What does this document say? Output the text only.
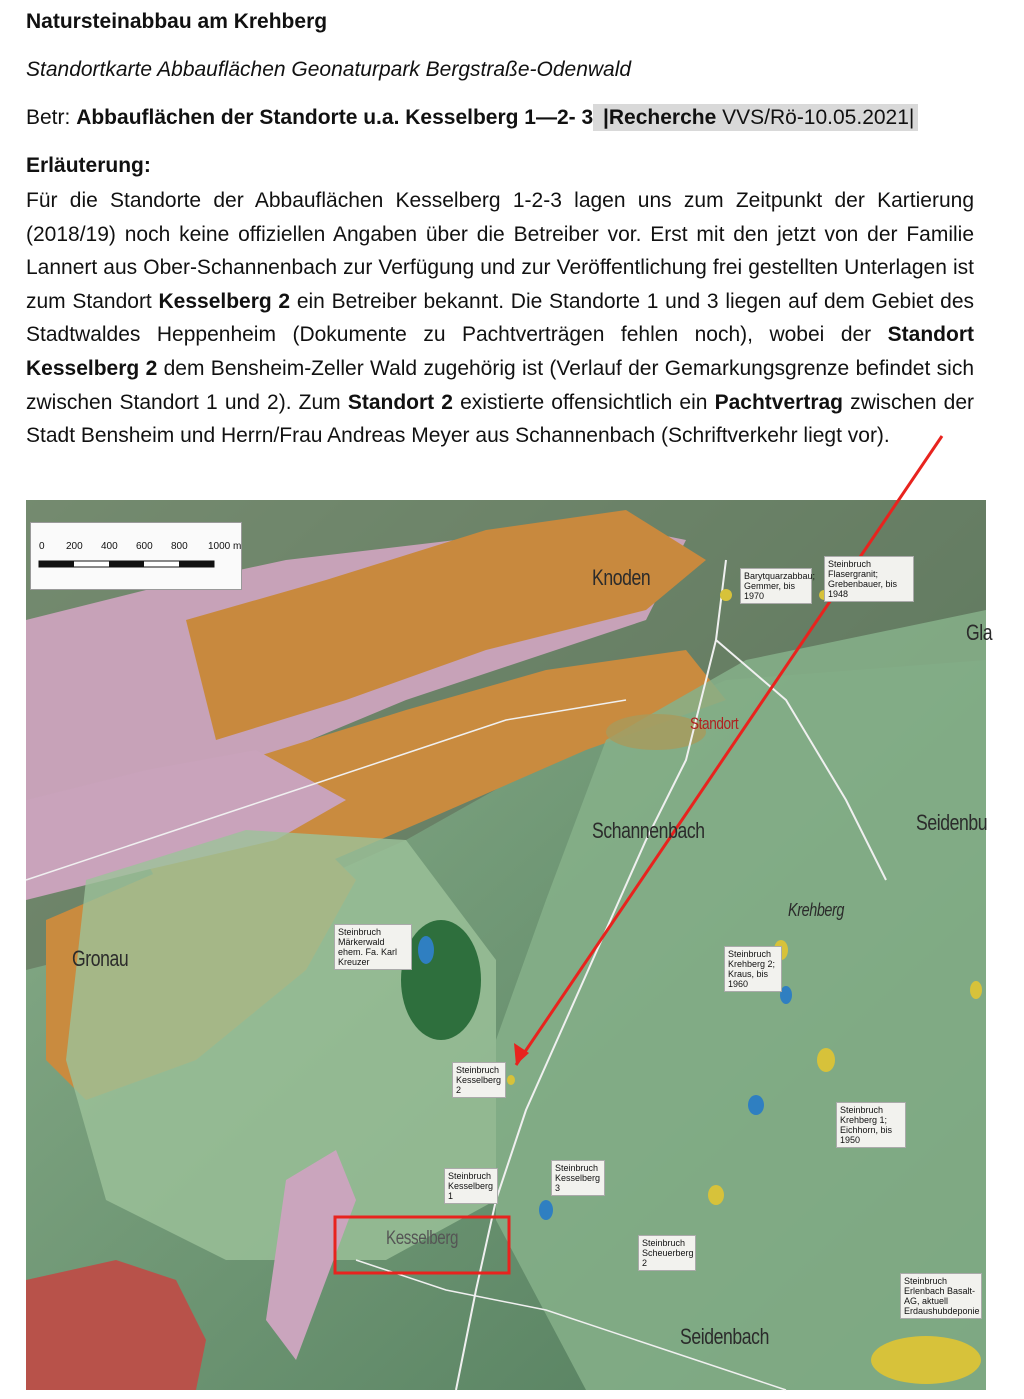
Natursteinabbau am Krehberg
Standortkarte Abbauflächen Geonaturpark Bergstraße-Odenwald
Betr: Abbauflächen der Standorte u.a. Kesselberg 1—2- 3 |Recherche VVS/Rö-10.05.2021|
Erläuterung:
Für die Standorte der Abbauflächen Kesselberg 1-2-3 lagen uns zum Zeitpunkt der Kartierung (2018/19) noch keine offiziellen Angaben über die Betreiber vor. Erst mit den jetzt von der Familie Lannert aus Ober-Schannenbach zur Verfügung und zur Veröffentlichung frei gestellten Unterlagen ist zum Standort Kesselberg 2 ein Betreiber bekannt. Die Standorte 1 und 3 liegen auf dem Gebiet des Stadtwaldes Heppenheim (Dokumente zu Pachtverträgen fehlen noch), wobei der Standort Kesselberg 2 dem Bensheim-Zeller Wald zugehörig ist (Verlauf der Gemarkungsgrenze befindet sich zwischen Standort 1 und 2). Zum Standort 2 existierte offensichtlich ein Pachtvertrag zwischen der Stadt Bensheim und Herrn/Frau Andreas Meyer aus Schannenbach (Schriftverkehr liegt vor).
0 200 400 600 800 1000 m
Knoden
Schannenbach
Krehberg
Gronau
Kesselberg
Seidenbach
Seidenbu
Gla
Standort
Barytquarzabbau; Gemmer, bis 1970
Steinbruch Flasergranit; Grebenbauer, bis 1948
Steinbruch Märkerwald ehem. Fa. Karl Kreuzer
Steinbruch Krehberg 2; Kraus, bis 1960
Steinbruch Kesselberg 2
Steinbruch Kesselberg 1
Steinbruch Kesselberg 3
Steinbruch Krehberg 1; Eichhorn, bis 1950
Steinbruch Scheuerberg 2
Steinbruch Erlenbach Basalt-AG, aktuell Erdaushubdeponie
